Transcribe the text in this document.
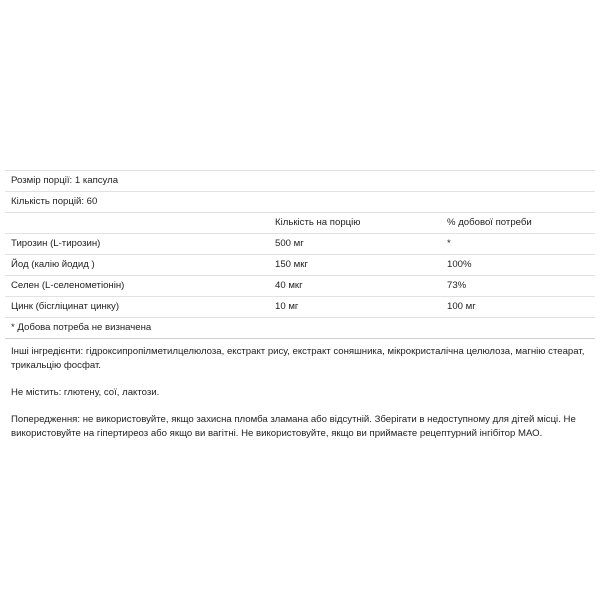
Розмір порції: 1 капсула		
Кількість порцій: 60		
	Кількість на порцію	% добової потреби
Тирозин (L-тирозин)	500 мг	*
Йод (калію йодид )	150 мкг	100%
Селен (L-селенометіонін)	40 мкг	73%
Цинк (бісгліцинат цинку)	10 мг	100 мг
* Добова потреба не визначена		

Інші інгредієнти: гідроксипропілметилцелюлоза, екстракт рису, екстракт соняшника, мікрокристалічна целюлоза, магнію стеарат, трикальцію фосфат.

Не містить: глютену, сої, лактози.

Попередження: не використовуйте, якщо захисна пломба зламана або відсутній. Зберігати в недоступному для дітей місці. Не використовуйте на гіпертиреоз або якщо ви вагітні. Не використовуйте, якщо ви приймаєте рецептурний інгібітор МАО.
